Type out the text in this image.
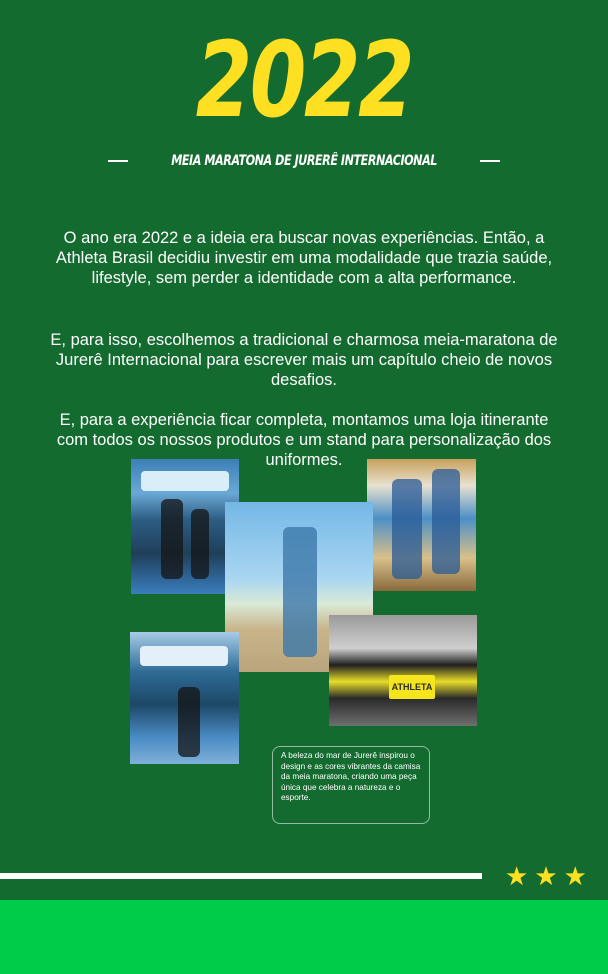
2022
MEIA MARATONA DE JURERÊ INTERNACIONAL

O ano era 2022 e a ideia era buscar novas experiências. Então, a Athleta Brasil decidiu investir em uma modalidade que trazia saúde, lifestyle, sem perder a identidade com a alta performance.

E, para isso, escolhemos a tradicional e charmosa meia-maratona de Jurerê Internacional para escrever mais um capítulo cheio de novos desafios.

E, para a experiência ficar completa, montamos uma loja itinerante com todos os nossos produtos e um stand para personalização dos uniformes.

ATHLETA
A beleza do mar de Jurerê inspirou o design e as cores vibrantes da camisa da meia maratona, criando uma peça única que celebra a natureza e o esporte.
★ ★ ★
